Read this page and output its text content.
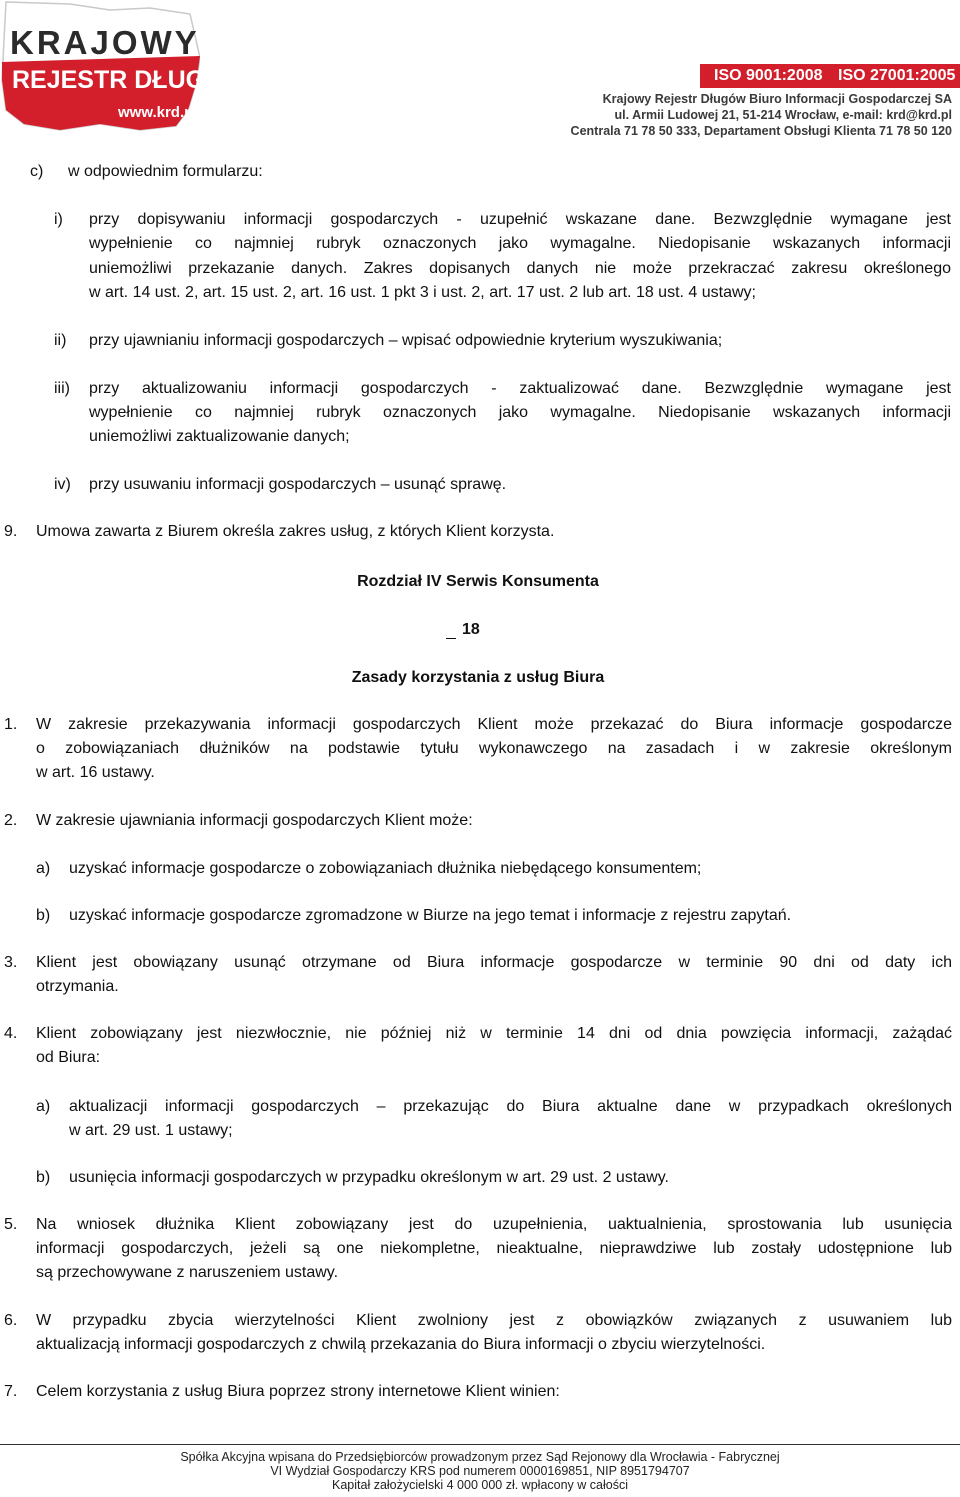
KRAJOWY
REJESTR DŁUGÓW
www.krd.pl
ISO 9001:2008 ISO 27001:2005
Krajowy Rejestr Długów Biuro Informacji Gospodarczej SA
ul. Armii Ludowej 21, 51-214 Wrocław, e-mail: krd@krd.pl
Centrala 71 78 50 333, Departament Obsługi Klienta 71 78 50 120
c) w odpowiednim formularzu:
i) przy dopisywaniu informacji gospodarczych - uzupełnić wskazane dane. Bezwzględnie wymagane jest
wypełnienie co najmniej rubryk oznaczonych jako wymagalne. Niedopisanie wskazanych informacji
uniemożliwi przekazanie danych. Zakres dopisanych danych nie może przekraczać zakresu określonego
w art. 14 ust. 2, art. 15 ust. 2, art. 16 ust. 1 pkt 3 i ust. 2, art. 17 ust. 2 lub art. 18 ust. 4 ustawy;
ii) przy ujawnianiu informacji gospodarczych – wpisać odpowiednie kryterium wyszukiwania;
iii) przy aktualizowaniu informacji gospodarczych - zaktualizować dane. Bezwzględnie wymagane jest
wypełnienie co najmniej rubryk oznaczonych jako wymagalne. Niedopisanie wskazanych informacji
uniemożliwi zaktualizowanie danych;
iv) przy usuwaniu informacji gospodarczych – usunąć sprawę.
9. Umowa zawarta z Biurem określa zakres usług, z których Klient korzysta.
Rozdział IV Serwis Konsumenta
18
Zasady korzystania z usług Biura
1. W zakresie przekazywania informacji gospodarczych Klient może przekazać do Biura informacje gospodarcze
o zobowiązaniach dłużników na podstawie tytułu wykonawczego na zasadach i w zakresie określonym
w art. 16 ustawy.
2. W zakresie ujawniania informacji gospodarczych Klient może:
a) uzyskać informacje gospodarcze o zobowiązaniach dłużnika niebędącego konsumentem;
b) uzyskać informacje gospodarcze zgromadzone w Biurze na jego temat i informacje z rejestru zapytań.
3. Klient jest obowiązany usunąć otrzymane od Biura informacje gospodarcze w terminie 90 dni od daty ich
otrzymania.
4. Klient zobowiązany jest niezwłocznie, nie później niż w terminie 14 dni od dnia powzięcia informacji, zażądać
od Biura:
a) aktualizacji informacji gospodarczych – przekazując do Biura aktualne dane w przypadkach określonych
w art. 29 ust. 1 ustawy;
b) usunięcia informacji gospodarczych w przypadku określonym w art. 29 ust. 2 ustawy.
5. Na wniosek dłużnika Klient zobowiązany jest do uzupełnienia, uaktualnienia, sprostowania lub usunięcia
informacji gospodarczych, jeżeli są one niekompletne, nieaktualne, nieprawdziwe lub zostały udostępnione lub
są przechowywane z naruszeniem ustawy.
6. W przypadku zbycia wierzytelności Klient zwolniony jest z obowiązków związanych z usuwaniem lub
aktualizacją informacji gospodarczych z chwilą przekazania do Biura informacji o zbyciu wierzytelności.
7. Celem korzystania z usług Biura poprzez strony internetowe Klient winien:
Spółka Akcyjna wpisana do Przedsiębiorców prowadzonym przez Sąd Rejonowy dla Wrocławia - Fabrycznej
VI Wydział Gospodarczy KRS pod numerem 0000169851, NIP 8951794707
Kapitał założycielski 4 000 000 zł. wpłacony w całości
